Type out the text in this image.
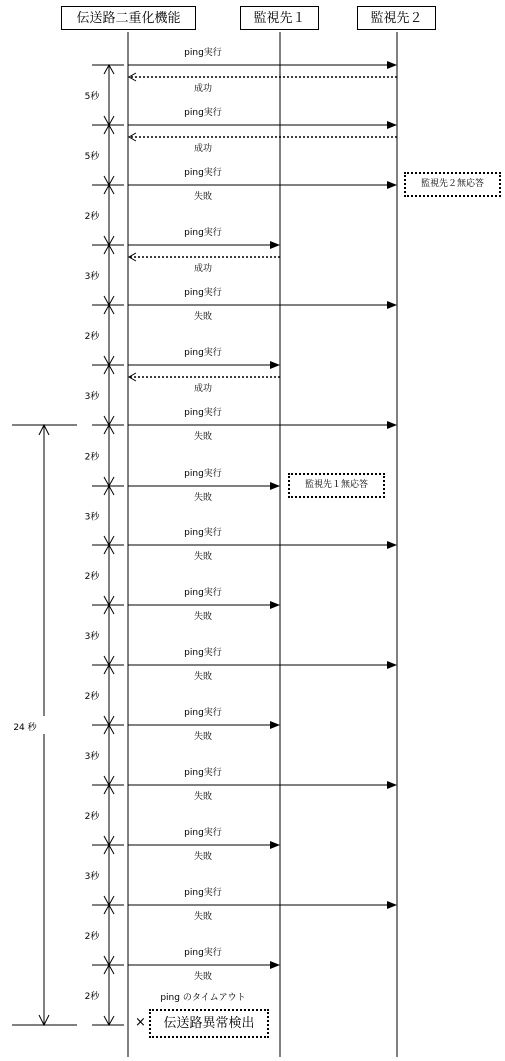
伝送路二重化機能	監視先１	監視先２
5秒
5秒
2秒
3秒
2秒
3秒
2秒
3秒
2秒
3秒
2秒
3秒
2秒
3秒
2秒
2秒
ping実行
成功
ping実行
成功
ping実行
失敗
ping実行
成功
ping実行
失敗
ping実行
成功
ping実行
失敗
ping実行
失敗
ping実行
失敗
ping実行
失敗
ping実行
失敗
ping実行
失敗
ping実行
失敗
ping実行
失敗
ping実行
失敗
ping実行
失敗
ping のタイムアウト
24 秒
監視先２無応答
監視先１無応答
×	伝送路異常検出
